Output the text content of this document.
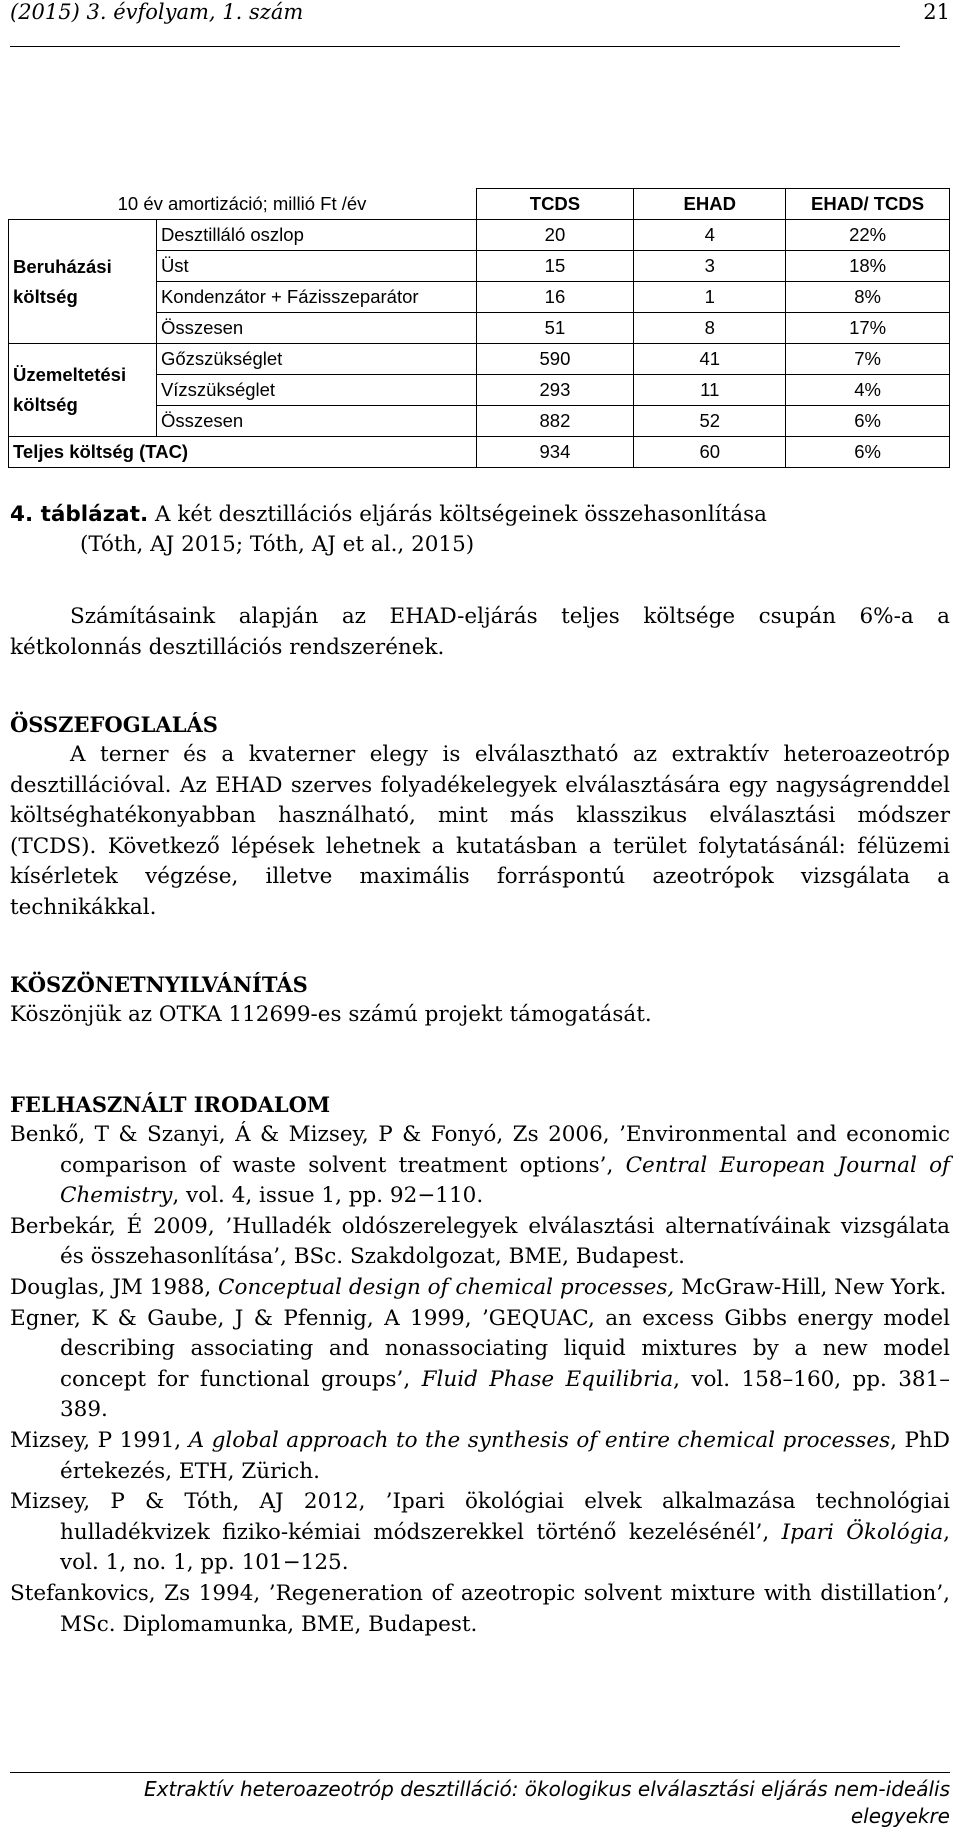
(2015) 3. évfolyam, 1. szám	21
10 év amortizáció; millió Ft /év		TCDS	EHAD	EHAD/ TCDS
Beruházási
költség	Desztilláló oszlop	20	4	22%
	Üst	15	3	18%
	Kondenzátor + Fázisszeparátor	16	1	8%
	Összesen	51	8	17%
Üzemeltetési
költség	Gőzszükséglet	590	41	7%
	Vízszükséglet	293	11	4%
	Összesen	882	52	6%
Teljes költség (TAC)		934	60	6%
4. táblázat. A két desztillációs eljárás költségeinek összehasonlítása
(Tóth, AJ 2015; Tóth, AJ et al., 2015)
Számításaink alapján az EHAD-eljárás teljes költsége csupán 6%-a a kétkolonnás desztillációs rendszerének.
ÖSSZEFOGLALÁS
A terner és a kvaterner elegy is elválasztható az extraktív heteroazeotróp desztillációval. Az EHAD szerves folyadékelegyek elválasztására egy nagyságrenddel költséghatékonyabban használható, mint más klasszikus elválasztási módszer (TCDS). Következő lépések lehetnek a kutatásban a terület folytatásánál: félüzemi kísérletek végzése, illetve maximális forráspontú azeotrópok vizsgálata a technikákkal.
KÖSZÖNETNYILVÁNÍTÁS
Köszönjük az OTKA 112699-es számú projekt támogatását.
FELHASZNÁLT IRODALOM
Benkő, T & Szanyi, Á & Mizsey, P & Fonyó, Zs 2006, ’Environmental and economic comparison of waste solvent treatment options’, Central European Journal of Chemistry, vol. 4, issue 1, pp. 92−110.
Berbekár, É 2009, ’Hulladék oldószerelegyek elválasztási alternatíváinak vizsgálata és összehasonlítása’, BSc. Szakdolgozat, BME, Budapest.
Douglas, JM 1988, Conceptual design of chemical processes, McGraw-Hill, New York.
Egner, K & Gaube, J & Pfennig, A 1999, ’GEQUAC, an excess Gibbs energy model describing associating and nonassociating liquid mixtures by a new model concept for functional groups’, Fluid Phase Equilibria, vol. 158–160, pp. 381–389.
Mizsey, P 1991, A global approach to the synthesis of entire chemical processes, PhD értekezés, ETH, Zürich.
Mizsey, P & Tóth, AJ 2012, ’Ipari ökológiai elvek alkalmazása technológiai hulladékvizek fiziko-kémiai módszerekkel történő kezelésénél’, Ipari Ökológia, vol. 1, no. 1, pp. 101−125.
Stefankovics, Zs 1994, ’Regeneration of azeotropic solvent mixture with distillation’, MSc. Diplomamunka, BME, Budapest.
Extraktív heteroazeotróp desztilláció: ökologikus elválasztási eljárás nem-ideális elegyekre
